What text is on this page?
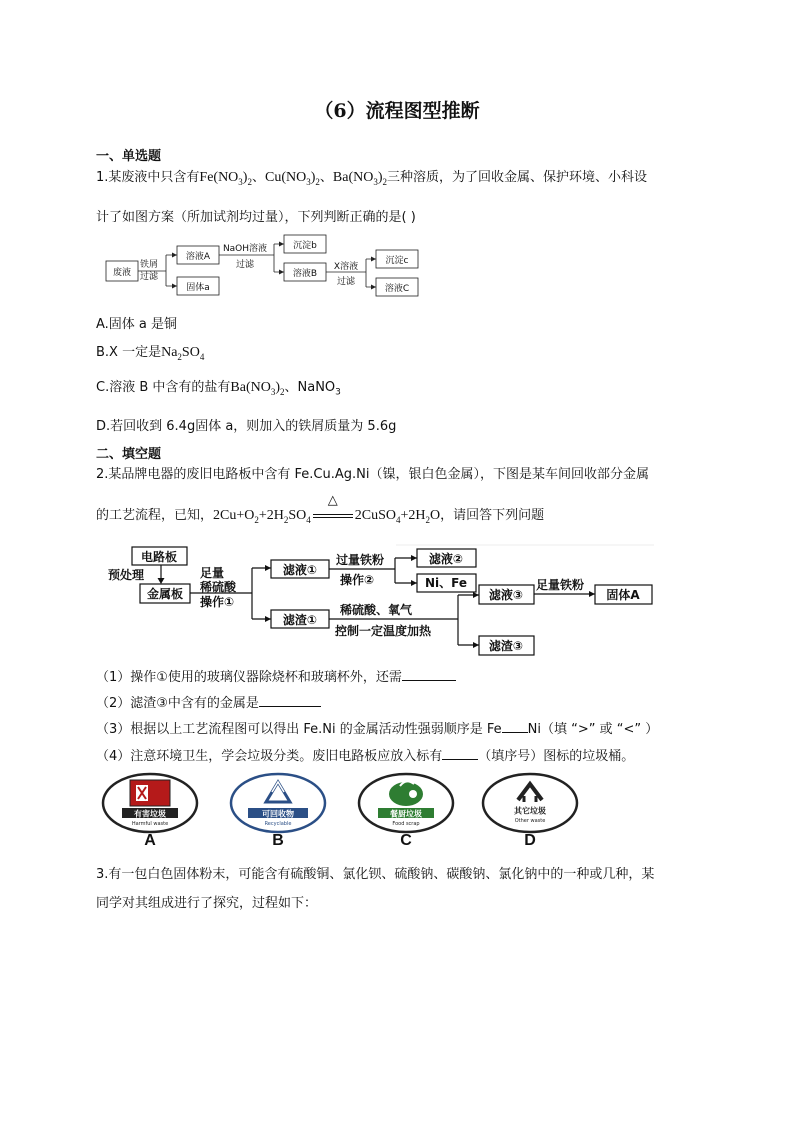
（6）流程图型推断
一、单选题
1.某废液中只含有$Fe(NO_3)_2$、$Cu(NO_3)_2$、$Ba(NO_3)_2$三种溶质，为了回收金属、保护环境、小科设
计了如图方案（所加试剂均过量），下列判断正确的是( )
废液
铁屑
过滤
溶液A
固体a
NaOH溶液
过滤
沉淀b
溶液B
X溶液
过滤
沉淀c
溶液C
A.固体 a 是铜
B.X 一定是$Na_2SO_4$
C.溶液 B 中含有的盐有$Ba(NO_3)_2$、NaNO$_3$
D.若回收到 6.4g固体 a，则加入的铁屑质量为 5.6g
二、填空题
2.某品牌电器的废旧电路板中含有 Fe.Cu.Ag.Ni（镍，银白色金属），下图是某车间回收部分金属
的工艺流程，已知，$2Cu+O_2+2H_2SO_4$
△
$2CuSO_4+2H_2O$，请回答下列问题
电路板
预处理
金属板
足量
稀硫酸
操作①
滤液①
滤渣①
过量铁粉
操作②
滤液②
Ni、Fe
稀硫酸、氧气
控制一定温度加热
滤液③
滤渣③
足量铁粉
固体A
（1）操作①使用的玻璃仪器除烧杯和玻璃杯外，还需
（2）滤渣③中含有的金属是
（3）根据以上工艺流程图可以得出 Fe.Ni 的金属活动性强弱顺序是 Fe Ni（填 “>” 或 “<” ）
（4）注意环境卫生，学会垃圾分类。废旧电路板应放入标有	（填序号）图标的垃圾桶。
有害垃圾
Harmful waste
A
可回收物
Recyclable
B
餐厨垃圾
Food scrap
C
其它垃圾
Other waste
D
3.有一包白色固体粉末，可能含有硫酸铜、氯化钡、硫酸钠、碳酸钠、氯化钠中的一种或几种，某
同学对其组成进行了探究，过程如下：
